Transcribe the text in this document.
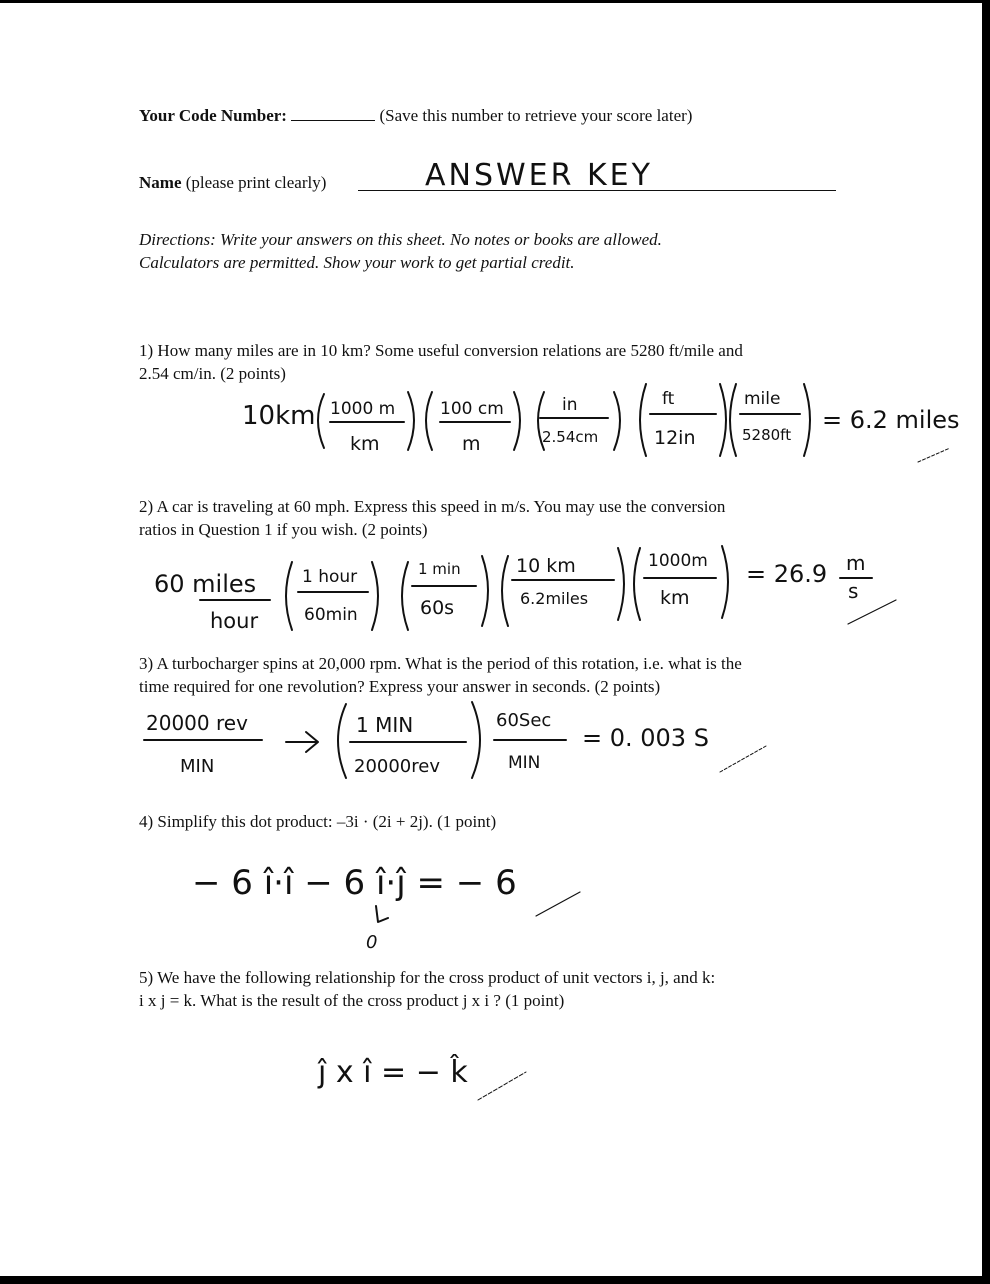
Your Code Number:	(Save this number to retrieve your score later)
Name (please print clearly)	ANSWER KEY
Directions: Write your answers on this sheet. No notes or books are allowed.
Calculators are permitted. Show your work to get partial credit.
1) How many miles are in 10 km? Some useful conversion relations are 5280 ft/mile and
2.54 cm/in. (2 points)
10km 1000 m
km
100 cm
m
in
2.54cm
ft
12in
mile
5280ft
= 6.2 miles
60 miles
hour
1 hour
60min
1 min
60s
10 km
6.2miles
1000m
km
= 26.9 m
s
20000 rev
MIN
1 MIN
20000rev
60Sec
MIN
= 0. 003 S
− 6 î·î − 6 î·ĵ = − 6
0
ĵ x î = − k̂
2) A car is traveling at 60 mph. Express this speed in m/s. You may use the conversion
ratios in Question 1 if you wish. (2 points)
3) A turbocharger spins at 20,000 rpm. What is the period of this rotation, i.e. what is the
time required for one revolution? Express your answer in seconds. (2 points)
4) Simplify this dot product: –3i · (2i + 2j). (1 point)
5) We have the following relationship for the cross product of unit vectors i, j, and k:
i x j = k. What is the result of the cross product j x i ? (1 point)
